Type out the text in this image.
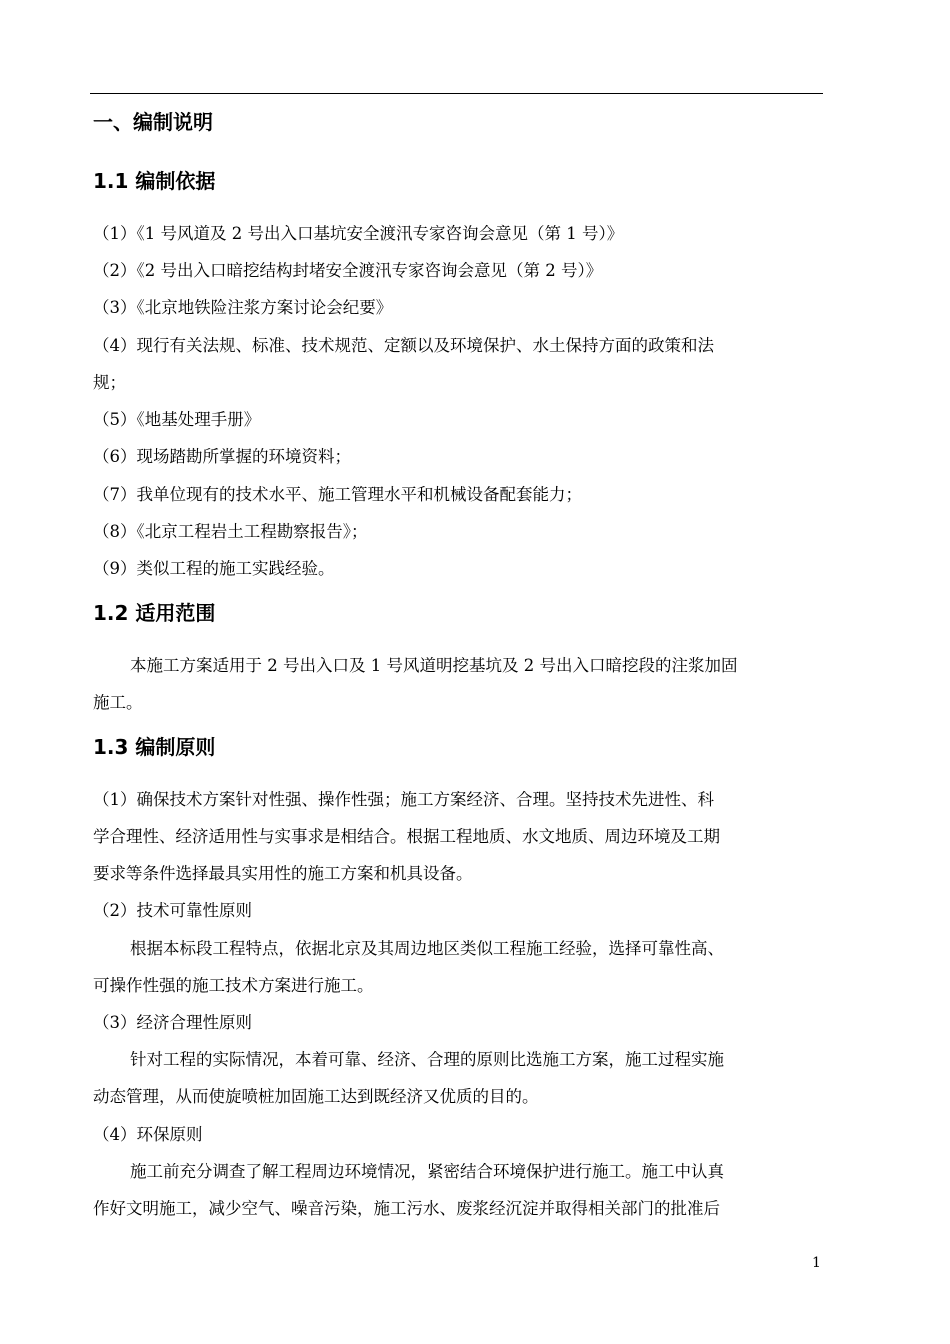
一、编制说明
1.1 编制依据
（1）《1 号风道及 2 号出入口基坑安全渡汛专家咨询会意见（第 1 号）》
（2）《2 号出入口暗挖结构封堵安全渡汛专家咨询会意见（第 2 号）》
（3）《北京地铁险注浆方案讨论会纪要》
（4）现行有关法规、标准、技术规范、定额以及环境保护、水土保持方面的政策和法
规；
（5）《地基处理手册》
（6）现场踏勘所掌握的环境资料；
（7）我单位现有的技术水平、施工管理水平和机械设备配套能力；
（8）《北京工程岩土工程勘察报告》；
（9）类似工程的施工实践经验。
1.2 适用范围
本施工方案适用于 2 号出入口及 1 号风道明挖基坑及 2 号出入口暗挖段的注浆加固
施工。
1.3 编制原则
（1）确保技术方案针对性强、操作性强；施工方案经济、合理。坚持技术先进性、科
学合理性、经济适用性与实事求是相结合。根据工程地质、水文地质、周边环境及工期
要求等条件选择最具实用性的施工方案和机具设备。
（2）技术可靠性原则
根据本标段工程特点，依据北京及其周边地区类似工程施工经验，选择可靠性高、
可操作性强的施工技术方案进行施工。
（3）经济合理性原则
针对工程的实际情况，本着可靠、经济、合理的原则比选施工方案，施工过程实施
动态管理，从而使旋喷桩加固施工达到既经济又优质的目的。
（4）环保原则
施工前充分调查了解工程周边环境情况，紧密结合环境保护进行施工。施工中认真
作好文明施工，减少空气、噪音污染，施工污水、废浆经沉淀并取得相关部门的批准后
1
